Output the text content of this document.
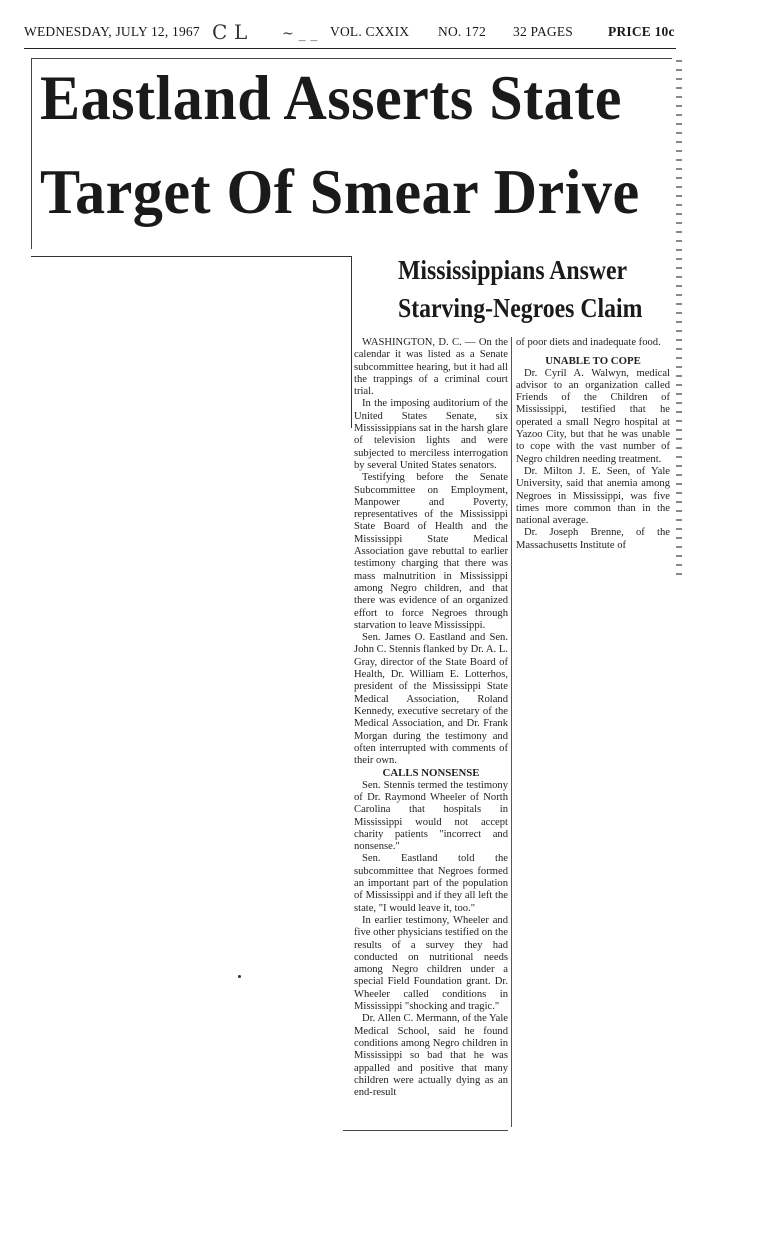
WEDNESDAY, JULY 12, 1967 C L ~ _ _ VOL. CXXIX NO. 172 32 PAGES	PRICE 10c
Eastland Asserts State
Target Of Smear Drive
Mississippians Answer
Starving-Negroes Claim

WASHINGTON, D. C. — On the calendar it was listed as a Senate subcommittee hearing, but it had all the trappings of a criminal court trial.

In the imposing auditorium of the United States Senate, six Mississippians sat in the harsh glare of television lights and were subjected to merciless interrogation by several United States senators.

Testifying before the Senate Subcommittee on Employment, Manpower and Poverty, representatives of the Mississippi State Board of Health and the Mississippi State Medical Association gave rebuttal to earlier testimony charging that there was mass malnutrition in Mississippi among Negro children, and that there was evidence of an organized effort to force Negroes through starvation to leave Mississippi.

Sen. James O. Eastland and Sen. John C. Stennis flanked by Dr. A. L. Gray, director of the State Board of Health, Dr. William E. Lotterhos, president of the Mississippi State Medical Association, Roland Kennedy, executive secretary of the Medical Association, and Dr. Frank Morgan during the testimony and often interrupted with comments of their own.

CALLS NONSENSE

Sen. Stennis termed the testimony of Dr. Raymond Wheeler of North Carolina that hospitals in Mississippi would not accept charity patients "incorrect and nonsense."

Sen. Eastland told the subcommittee that Negroes formed an important part of the population of Mississippi and if they all left the state, "I would leave it, too."

In earlier testimony, Wheeler and five other physicians testified on the results of a survey they had conducted on nutritional needs among Negro children under a special Field Foundation grant. Dr. Wheeler called conditions in Mississippi "shocking and tragic."

Dr. Allen C. Mermann, of the Yale Medical School, said he found conditions among Negro children in Mississippi so bad that he was appalled and positive that many children were actually dying as an end-result

of poor diets and inadequate food.

UNABLE TO COPE

Dr. Cyril A. Walwyn, medical advisor to an organization called Friends of the Children of Mississippi, testified that he operated a small Negro hospital at Yazoo City, but that he was unable to cope with the vast number of Negro children needing treatment.

Dr. Milton J. E. Seen, of Yale University, said that anemia among Negroes in Mississippi, was five times more common than in the national average.

Dr. Joseph Brenne, of the Massachusetts Institute of
